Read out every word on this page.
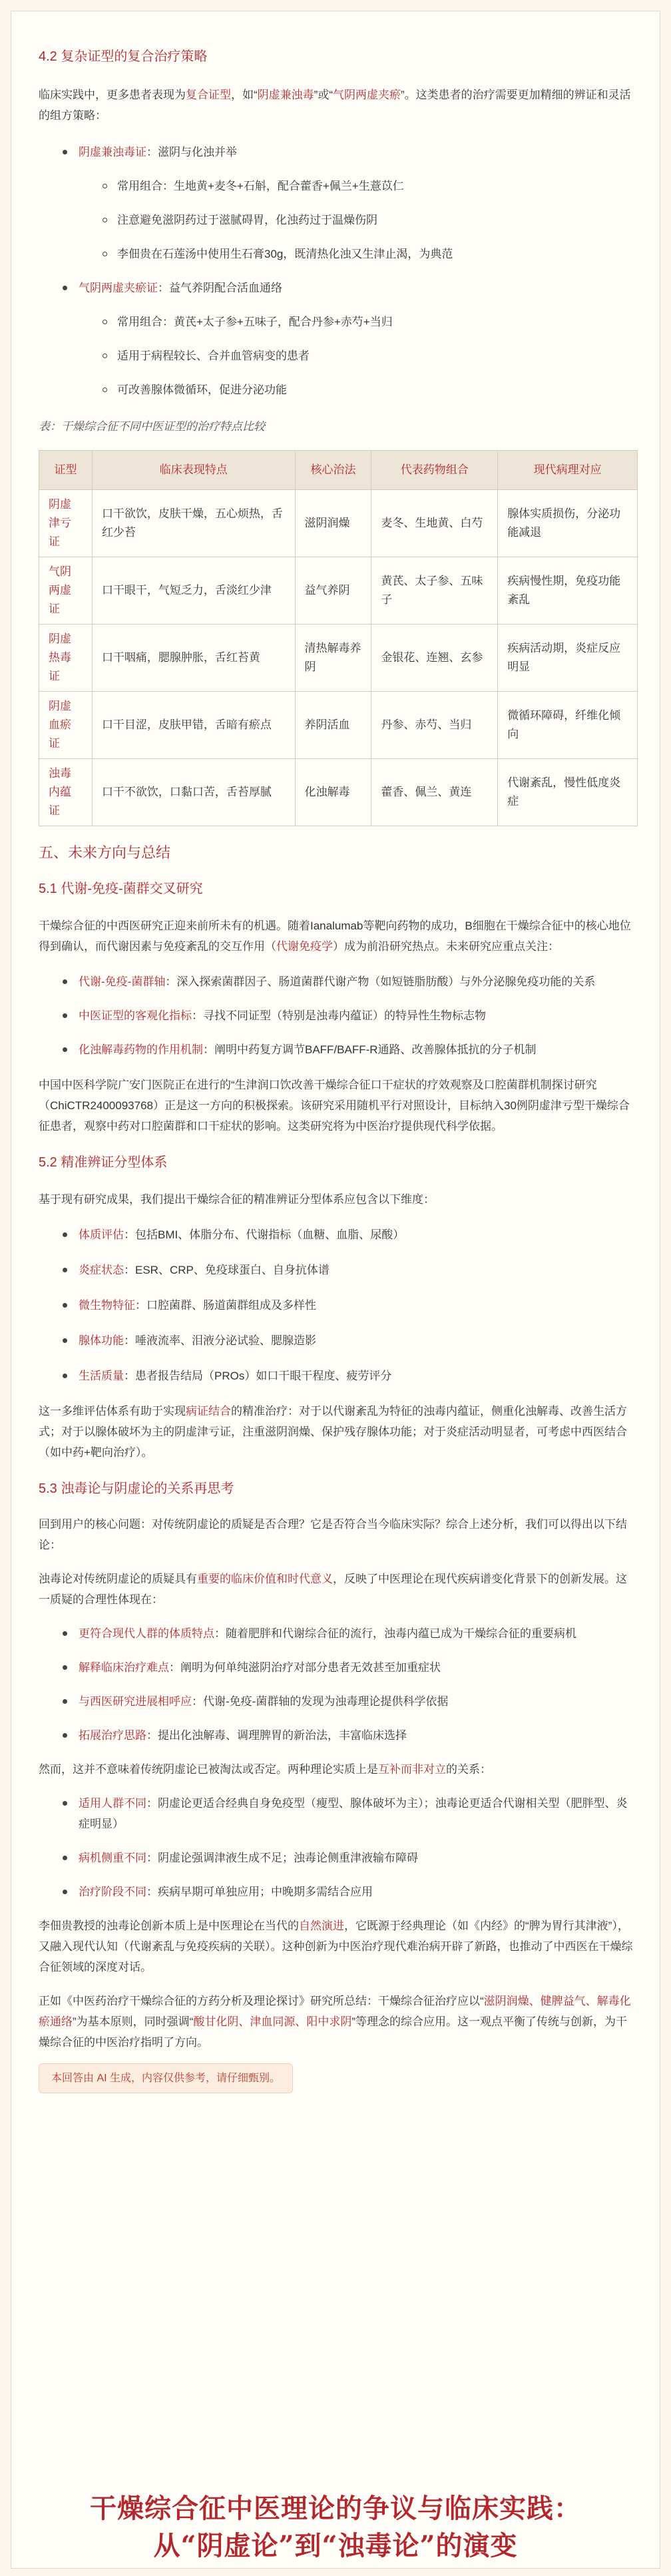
4.2 复杂证型的复合治疗策略

临床实践中，更多患者表现为复合证型，如“阴虚兼浊毒”或“气阴两虚夹瘀”。这类患者的治疗需要更加精细的辨证和灵活的组方策略：

阴虚兼浊毒证：滋阴与化浊并举
常用组合：生地黄+麦冬+石斛，配合藿香+佩兰+生薏苡仁
注意避免滋阴药过于滋腻碍胃，化浊药过于温燥伤阴
李佃贵在石莲汤中使用生石膏30g，既清热化浊又生津止渴，为典范
气阴两虚夹瘀证：益气养阴配合活血通络
常用组合：黄芪+太子参+五味子，配合丹参+赤芍+当归
适用于病程较长、合并血管病变的患者
可改善腺体微循环，促进分泌功能

表：干燥综合征不同中医证型的治疗特点比较

证型	临床表现特点	核心治法	代表药物组合	现代病理对应
阴虚津亏证	口干欲饮，皮肤干燥，五心烦热，舌红少苔	滋阴润燥	麦冬、生地黄、白芍	腺体实质损伤，分泌功能减退
气阴两虚证	口干眼干，气短乏力，舌淡红少津	益气养阴	黄芪、太子参、五味子	疾病慢性期，免疫功能紊乱
阴虚热毒证	口干咽痛，腮腺肿胀，舌红苔黄	清热解毒养阴	金银花、连翘、玄参	疾病活动期，炎症反应明显
阴虚血瘀证	口干目涩，皮肤甲错，舌暗有瘀点	养阴活血	丹参、赤芍、当归	微循环障碍，纤维化倾向
浊毒内蕴证	口干不欲饮，口黏口苦，舌苔厚腻	化浊解毒	藿香、佩兰、黄连	代谢紊乱，慢性低度炎症
五、未来方向与总结
5.1 代谢-免疫-菌群交叉研究

干燥综合征的中西医研究正迎来前所未有的机遇。随着Ianalumab等靶向药物的成功，B细胞在干燥综合征中的核心地位得到确认，而代谢因素与免疫紊乱的交互作用（代谢免疫学）成为前沿研究热点。未来研究应重点关注：

代谢-免疫-菌群轴：深入探索菌群因子、肠道菌群代谢产物（如短链脂肪酸）与外分泌腺免疫功能的关系
中医证型的客观化指标：寻找不同证型（特别是浊毒内蕴证）的特异性生物标志物
化浊解毒药物的作用机制：阐明中药复方调节BAFF/BAFF-R通路、改善腺体抵抗的分子机制

中国中医科学院广安门医院正在进行的“生津润口饮改善干燥综合征口干症状的疗效观察及口腔菌群机制探讨研究（ChiCTR2400093768）正是这一方向的积极探索。该研究采用随机平行对照设计，目标纳入30例阴虚津亏型干燥综合征患者，观察中药对口腔菌群和口干症状的影响。这类研究将为中医治疗提供现代科学依据。

5.2 精准辨证分型体系

基于现有研究成果，我们提出干燥综合征的精准辨证分型体系应包含以下维度：

体质评估：包括BMI、体脂分布、代谢指标（血糖、血脂、尿酸）
炎症状态：ESR、CRP、免疫球蛋白、自身抗体谱
微生物特征：口腔菌群、肠道菌群组成及多样性
腺体功能：唾液流率、泪液分泌试验、腮腺造影
生活质量：患者报告结局（PROs）如口干眼干程度、疲劳评分

这一多维评估体系有助于实现病证结合的精准治疗：对于以代谢紊乱为特征的浊毒内蕴证，侧重化浊解毒、改善生活方式；对于以腺体破坏为主的阴虚津亏证，注重滋阴润燥、保护残存腺体功能；对于炎症活动明显者，可考虑中西医结合（如中药+靶向治疗）。

5.3 浊毒论与阴虚论的关系再思考

回到用户的核心问题：对传统阴虚论的质疑是否合理？它是否符合当今临床实际？综合上述分析，我们可以得出以下结论：

浊毒论对传统阴虚论的质疑具有重要的临床价值和时代意义，反映了中医理论在现代疾病谱变化背景下的创新发展。这一质疑的合理性体现在：

更符合现代人群的体质特点：随着肥胖和代谢综合征的流行，浊毒内蕴已成为干燥综合征的重要病机
解释临床治疗难点：阐明为何单纯滋阴治疗对部分患者无效甚至加重症状
与西医研究进展相呼应：代谢-免疫-菌群轴的发现为浊毒理论提供科学依据
拓展治疗思路：提出化浊解毒、调理脾胃的新治法，丰富临床选择

然而，这并不意味着传统阴虚论已被淘汰或否定。两种理论实质上是互补而非对立的关系：

适用人群不同：阴虚论更适合经典自身免疫型（瘦型、腺体破坏为主）；浊毒论更适合代谢相关型（肥胖型、炎症明显）
病机侧重不同：阴虚论强调津液生成不足；浊毒论侧重津液输布障碍
治疗阶段不同：疾病早期可单独应用；中晚期多需结合应用

李佃贵教授的浊毒论创新本质上是中医理论在当代的自然演进，它既源于经典理论（如《内经》的“脾为胃行其津液”），又融入现代认知（代谢紊乱与免疫疾病的关联）。这种创新为中医治疗现代难治病开辟了新路，也推动了中西医在干燥综合征领域的深度对话。

正如《中医药治疗干燥综合征的方药分析及理论探讨》研究所总结：干燥综合征治疗应以“滋阴润燥、健脾益气、解毒化瘀通络”为基本原则，同时强调“酸甘化阴、津血同源、阳中求阴”等理念的综合应用。这一观点平衡了传统与创新，为干燥综合征的中医治疗指明了方向。

本回答由 AI 生成，内容仅供参考，请仔细甄别。
干燥综合征中医理论的争议与临床实践：
从“阴虚论”到“浊毒论”的演变
